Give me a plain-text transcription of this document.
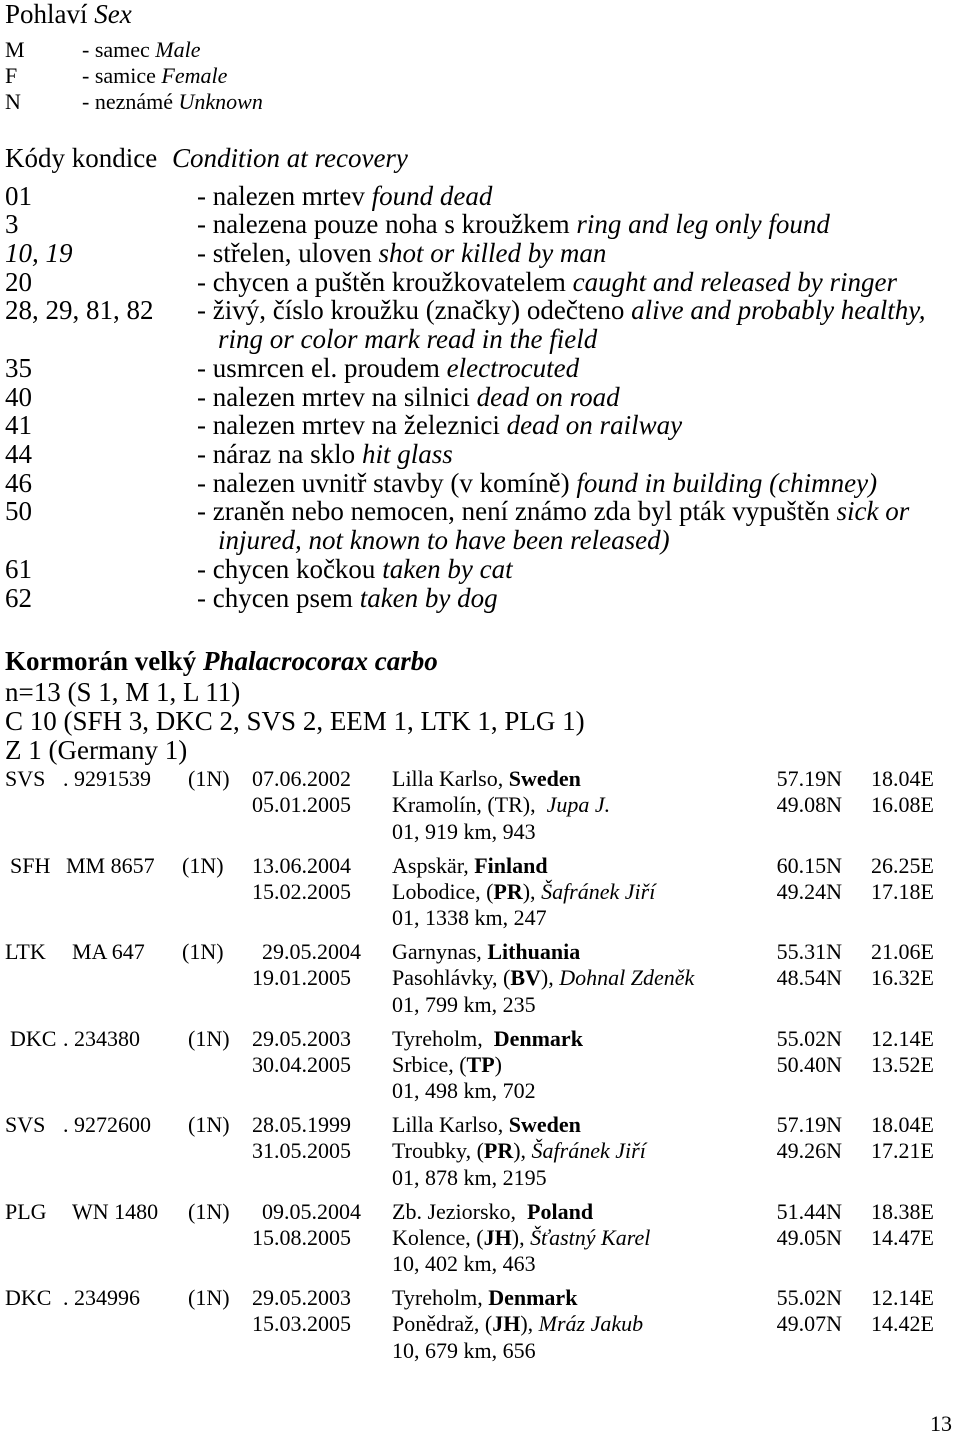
Pohlaví Sex
Kódy kondice Condition at recovery
Kormorán velký Phalacrocorax carbo
n=13 (S 1, M 1, L 11)
C 10 (SFH 3, DKC 2, SVS 2, EEM 1, LTK 1, PLG 1)
Z 1 (Germany 1)
13
M	- samec Male
F	- samice Female
N	- neznámé Unknown
01	- nalezen mrtev found dead
3	- nalezena pouze noha s kroužkem ring and leg only found
10, 19	- střelen, uloven shot or killed by man
20	- chycen a puštěn kroužkovatelem caught and released by ringer
28, 29, 81, 82 - živý, číslo kroužku (značky) odečteno alive and probably healthy,
ring or color mark read in the field
35	- usmrcen el. proudem electrocuted
40	- nalezen mrtev na silnici dead on road
41	- nalezen mrtev na železnici dead on railway
44	- náraz na sklo hit glass
46	- nalezen uvnitř stavby (v komíně) found in building (chimney)
50	- zraněn nebo nemocen, není známo zda byl pták vypuštěn sick or
injured, not known to have been released)
61	- chycen kočkou taken by cat
62	- chycen psem taken by dog
SVS . 9291539 (1N) 07.06.2002 Lilla Karlso, Sweden	57.19N 18.04E
05.01.2005 Kramolín, (TR),  Jupa J.	49.08N 16.08E
01, 919 km, 943
SFH MM 8657 (1N) 13.06.2004 Aspskär, Finland	60.15N 26.25E
15.02.2005 Lobodice, (PR), Šafránek Jiří	49.24N 17.18E
01, 1338 km, 247
LTK MA 647 (1N) 29.05.2004 Garnynas, Lithuania	55.31N 21.06E
19.01.2005 Pasohlávky, (BV), Dohnal Zdeněk	48.54N 16.32E
01, 799 km, 235
DKC . 234380 (1N) 29.05.2003 Tyreholm,  Denmark	55.02N 12.14E
30.04.2005 Srbice, (TP)	50.40N 13.52E
01, 498 km, 702
SVS . 9272600 (1N) 28.05.1999 Lilla Karlso, Sweden	57.19N 18.04E
31.05.2005 Troubky, (PR), Šafránek Jiří	49.26N 17.21E
01, 878 km, 2195
PLG WN 1480 (1N) 09.05.2004 Zb. Jeziorsko,  Poland	51.44N 18.38E
15.08.2005 Kolence, (JH), Šťastný Karel	49.05N 14.47E
10, 402 km, 463
DKC . 234996 (1N) 29.05.2003 Tyreholm, Denmark	55.02N 12.14E
15.03.2005 Ponědraž, (JH), Mráz Jakub	49.07N 14.42E
10, 679 km, 656
